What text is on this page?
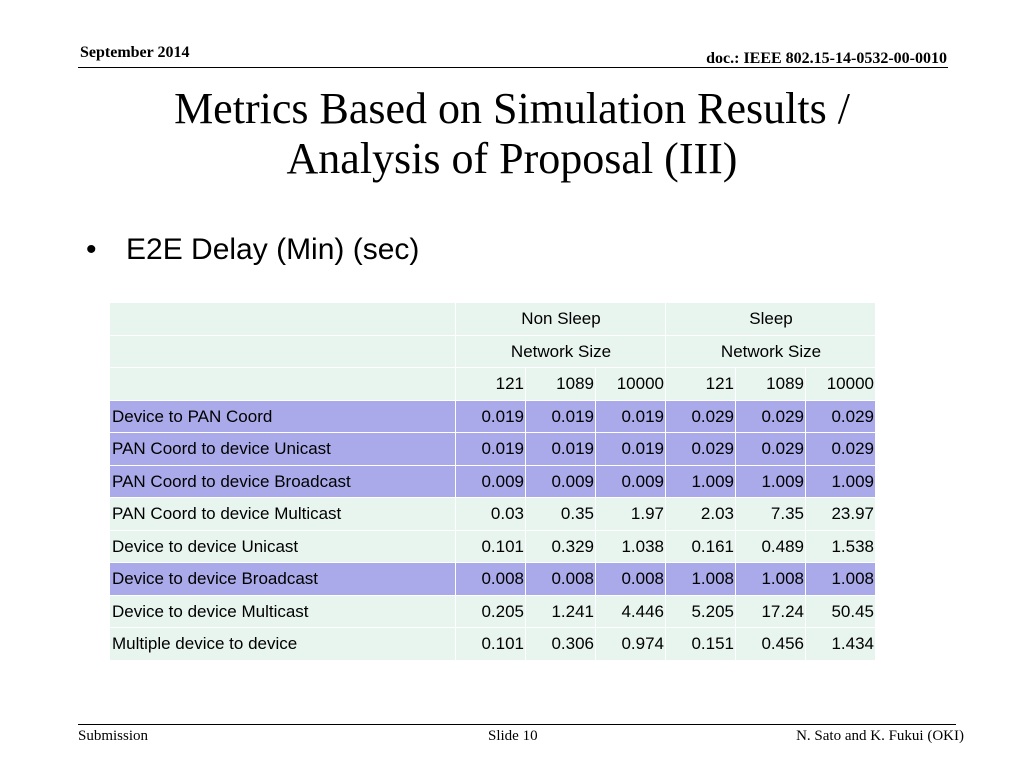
September 2014	doc.: IEEE 802.15-14-0532-00-0010
Metrics Based on Simulation Results /
Analysis of Proposal (III)
• E2E Delay (Min) (sec)
	Non Sleep			Sleep		
	Network Size			Network Size		
	121	1089	10000	121	1089	10000
Device to PAN Coord	0.019	0.019	0.019	0.029	0.029	0.029
PAN Coord to device Unicast	0.019	0.019	0.019	0.029	0.029	0.029
PAN Coord to device Broadcast	0.009	0.009	0.009	1.009	1.009	1.009
PAN Coord to device Multicast	0.03	0.35	1.97	2.03	7.35	23.97
Device to device Unicast	0.101	0.329	1.038	0.161	0.489	1.538
Device to device Broadcast	0.008	0.008	0.008	1.008	1.008	1.008
Device to device Multicast	0.205	1.241	4.446	5.205	17.24	50.45
Multiple device to device	0.101	0.306	0.974	0.151	0.456	1.434
Submission	Slide 10	N. Sato and K. Fukui (OKI)
